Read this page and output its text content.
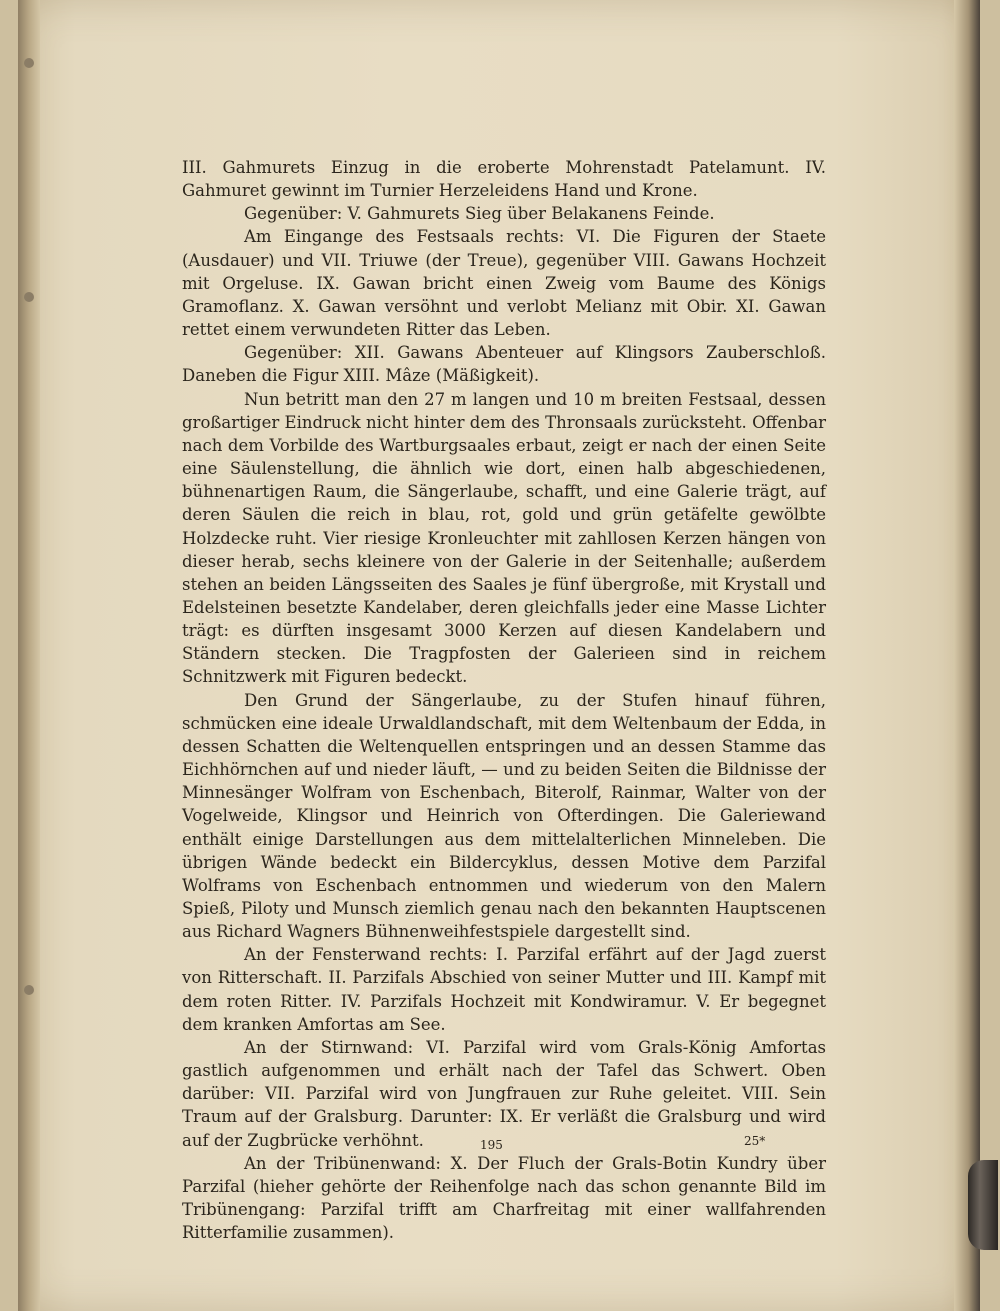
III. Gahmurets Einzug in die eroberte Mohrenstadt Patelamunt. IV. Gahmuret gewinnt im Turnier Herzeleidens Hand und Krone.

Gegenüber: V. Gahmurets Sieg über Belakanens Feinde.

Am Eingange des Festsaals rechts: VI. Die Figuren der Staete (Ausdauer) und VII. Triuwe (der Treue), gegenüber VIII. Gawans Hochzeit mit Orgeluse. IX. Gawan bricht einen Zweig vom Baume des Königs Gramoflanz. X. Gawan versöhnt und verlobt Melianz mit Obir. XI. Gawan rettet einem verwundeten Ritter das Leben.

Gegenüber: XII. Gawans Abenteuer auf Klingsors Zauberschloß. Daneben die Figur XIII. Mâze (Mäßigkeit).

Nun betritt man den 27 m langen und 10 m breiten Festsaal, dessen großartiger Eindruck nicht hinter dem des Thronsaals zurücksteht. Offenbar nach dem Vorbilde des Wartburgsaales erbaut, zeigt er nach der einen Seite eine Säulenstellung, die ähnlich wie dort, einen halb abgeschiedenen, bühnenartigen Raum, die Sängerlaube, schafft, und eine Galerie trägt, auf deren Säulen die reich in blau, rot, gold und grün getäfelte gewölbte Holzdecke ruht. Vier riesige Kronleuchter mit zahllosen Kerzen hängen von dieser herab, sechs kleinere von der Galerie in der Seitenhalle; außerdem stehen an beiden Längsseiten des Saales je fünf übergroße, mit Krystall und Edelsteinen besetzte Kandelaber, deren gleichfalls jeder eine Masse Lichter trägt: es dürften insgesamt 3000 Kerzen auf diesen Kandelabern und Ständern stecken. Die Tragpfosten der Galerieen sind in reichem Schnitzwerk mit Figuren bedeckt.

Den Grund der Sängerlaube, zu der Stufen hinauf führen, schmücken eine ideale Urwaldlandschaft, mit dem Weltenbaum der Edda, in dessen Schatten die Weltenquellen entspringen und an dessen Stamme das Eichhörnchen auf und nieder läuft, — und zu beiden Seiten die Bildnisse der Minnesänger Wolfram von Eschenbach, Biterolf, Rainmar, Walter von der Vogelweide, Klingsor und Heinrich von Ofterdingen. Die Galeriewand enthält einige Darstellungen aus dem mittelalterlichen Minneleben. Die übrigen Wände bedeckt ein Bildercyklus, dessen Motive dem Parzifal Wolframs von Eschenbach entnommen und wiederum von den Malern Spieß, Piloty und Munsch ziemlich genau nach den bekannten Hauptscenen aus Richard Wagners Bühnenweihfestspiele dargestellt sind.

An der Fensterwand rechts: I. Parzifal erfährt auf der Jagd zuerst von Ritterschaft. II. Parzifals Abschied von seiner Mutter und III. Kampf mit dem roten Ritter. IV. Parzifals Hochzeit mit Kondwiramur. V. Er begegnet dem kranken Amfortas am See.

An der Stirnwand: VI. Parzifal wird vom Grals-König Amfortas gastlich aufgenommen und erhält nach der Tafel das Schwert. Oben darüber: VII. Parzifal wird von Jungfrauen zur Ruhe geleitet. VIII. Sein Traum auf der Gralsburg. Darunter: IX. Er verläßt die Gralsburg und wird auf der Zugbrücke verhöhnt.

An der Tribünenwand: X. Der Fluch der Grals-Botin Kundry über Parzifal (hieher gehörte der Reihenfolge nach das schon genannte Bild im Tribünengang: Parzifal trifft am Charfreitag mit einer wallfahrenden Ritterfamilie zusammen).

195	25*
